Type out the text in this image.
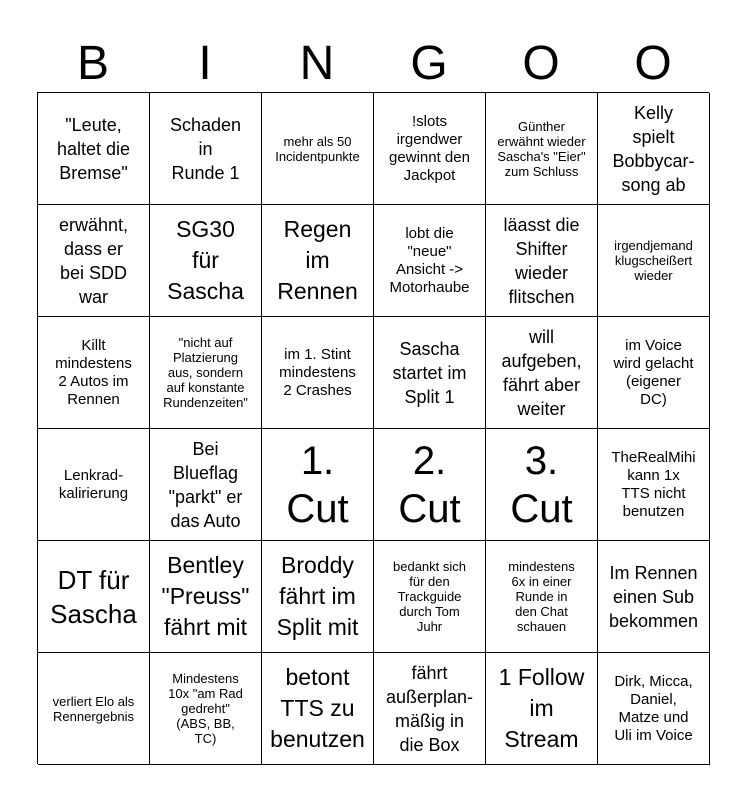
B	I	N	G	O	O
"Leute,
haltet die
Bremse"
Schaden
in
Runde 1
mehr als 50
Incidentpunkte
!slots
irgendwer
gewinnt den
Jackpot
Günther
erwähnt wieder
Sascha's "Eier"
zum Schluss
Kelly
spielt
Bobbycar-
song ab
erwähnt,
dass er
bei SDD
war
SG30
für
Sascha
Regen
im
Rennen
lobt die
"neue"
Ansicht ->
Motorhaube
läasst die
Shifter
wieder
flitschen
irgendjemand
klugscheißert
wieder
Killt
mindestens
2 Autos im
Rennen
"nicht auf
Platzierung
aus, sondern
auf konstante
Rundenzeiten"
im 1. Stint
mindestens
2 Crashes
Sascha
startet im
Split 1
will
aufgeben,
fährt aber
weiter
im Voice
wird gelacht
(eigener
DC)
Lenkrad-
kalirierung
Bei
Blueflag
"parkt" er
das Auto
1.
Cut
2.
Cut
3.
Cut
TheRealMihi
kann 1x
TTS nicht
benutzen
DT für
Sascha
Bentley
"Preuss"
fährt mit
Broddy
fährt im
Split mit
bedankt sich
für den
Trackguide
durch Tom
Juhr
mindestens
6x in einer
Runde in
den Chat
schauen
Im Rennen
einen Sub
bekommen
verliert Elo als
Rennergebnis
Mindestens
10x "am Rad
gedreht"
(ABS, BB,
TC)
betont
TTS zu
benutzen
fährt
außerplan-
mäßig in
die Box
1 Follow
im
Stream
Dirk, Micca,
Daniel,
Matze und
Uli im Voice
